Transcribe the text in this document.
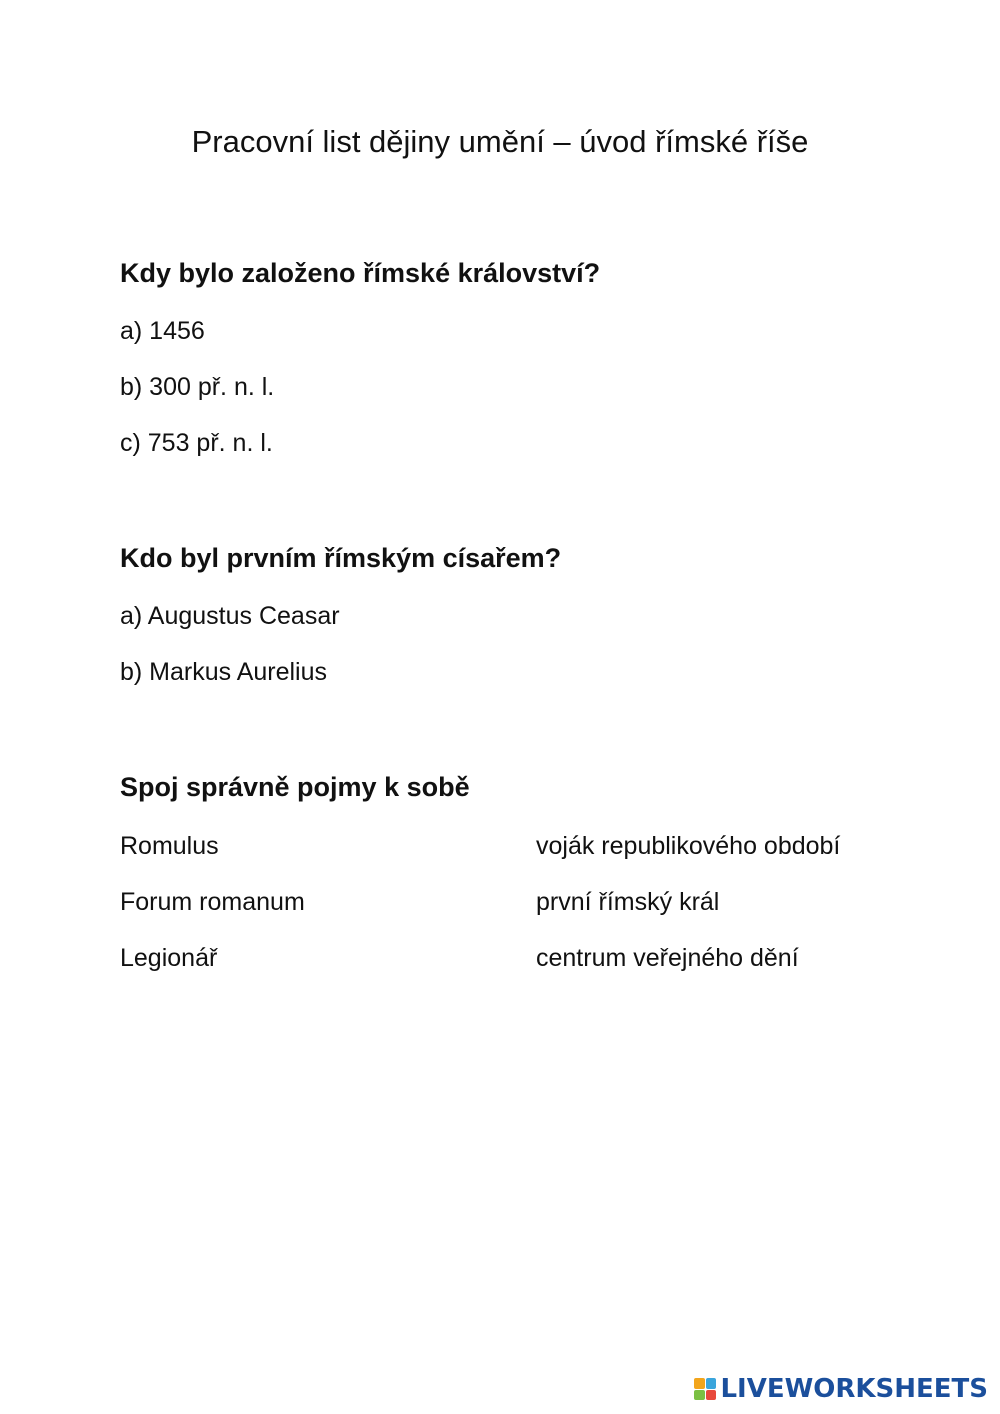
Pracovní list dějiny umění – úvod římské říše
Kdy bylo založeno římské království?
a) 1456
b) 300 př. n. l.
c) 753 př. n. l.
Kdo byl prvním římským císařem?
a) Augustus Ceasar
b) Markus Aurelius
Spoj správně pojmy k sobě
Romulus	voják republikového období
Forum romanum	první římský král
Legionář	centrum veřejného dění
LIVEWORKSHEETS
